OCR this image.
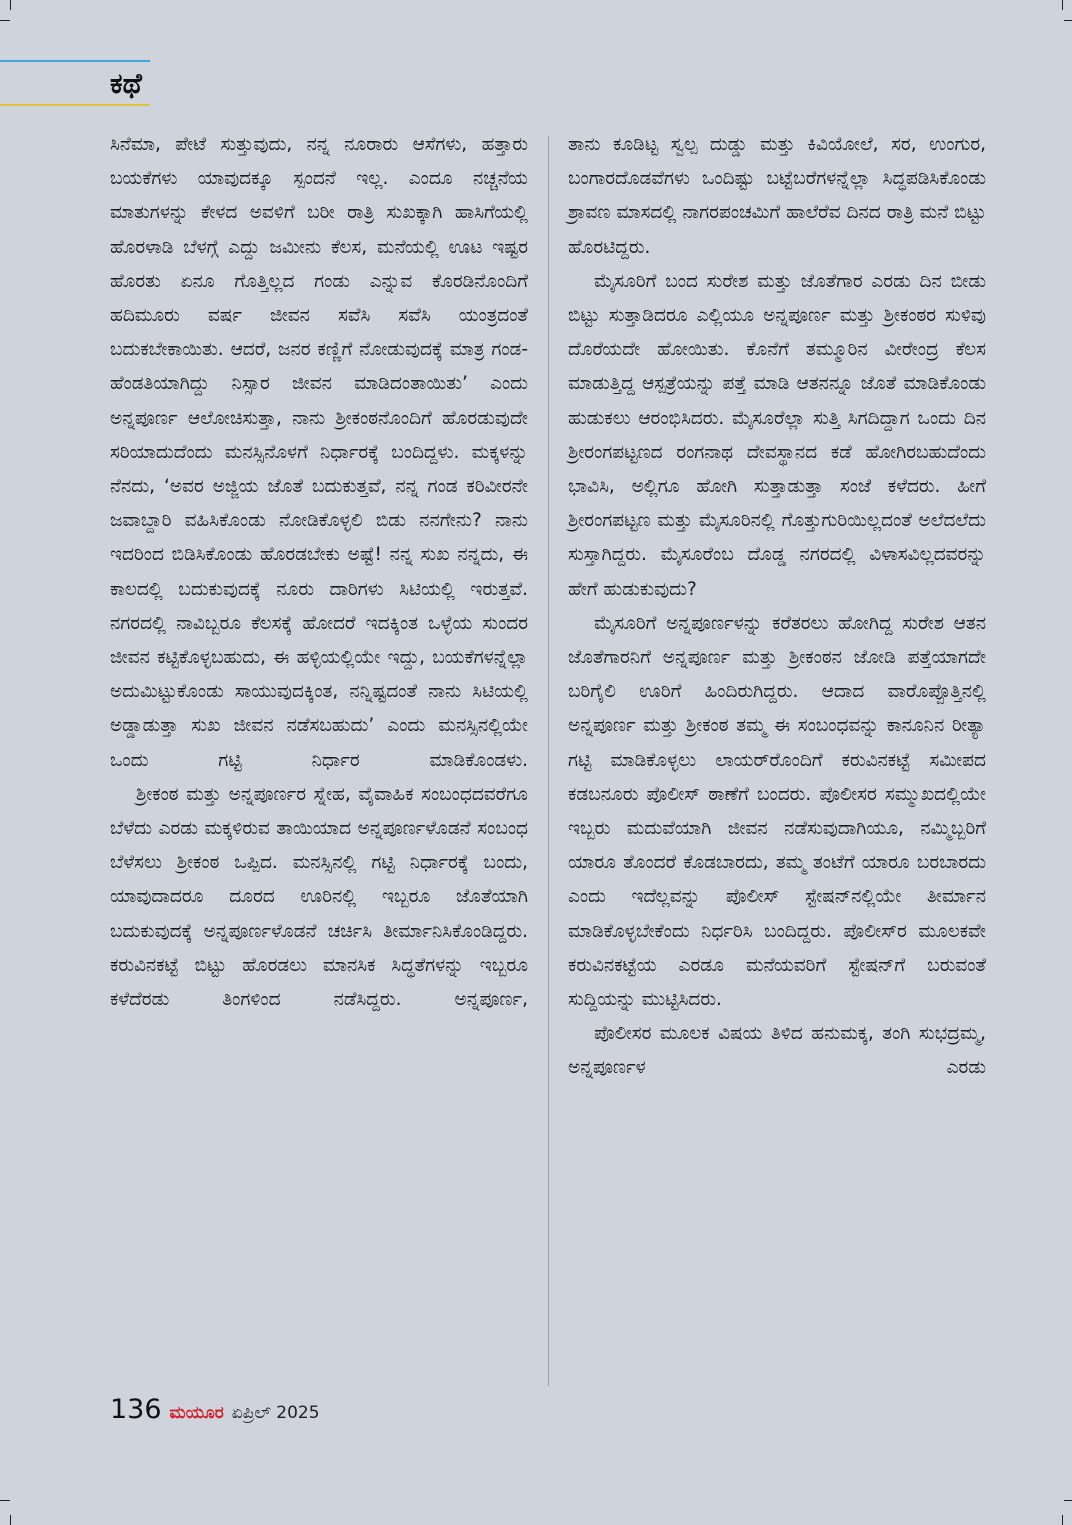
ಕಥೆ

ಸಿನೆಮಾ, ಪೇಟೆ ಸುತ್ತುವುದು, ನನ್ನ ನೂರಾರು ಆಸೆಗಳು, ಹತ್ತಾರು ಬಯಕೆಗಳು ಯಾವುದಕ್ಕೂ ಸ್ಪಂದನೆ ಇಲ್ಲ. ಎಂದೂ ನಚ್ಚನೆಯ ಮಾತುಗಳನ್ನು ಕೇಳದ ಅವಳಿಗೆ ಬರೀ ರಾತ್ರಿ ಸುಖಕ್ಕಾಗಿ ಹಾಸಿಗೆಯಲ್ಲಿ ಹೊರಳಾಡಿ ಬೆಳಗ್ಗೆ ಎದ್ದು ಜಮೀನು ಕೆಲಸ, ಮನೆಯಲ್ಲಿ ಊಟ ಇಷ್ಟರ ಹೊರತು ಏನೂ ಗೊತ್ತಿಲ್ಲದ ಗಂಡು ಎನ್ನುವ ಕೊರಡಿನೊಂದಿಗೆ ಹದಿಮೂರು ವರ್ಷ ಜೀವನ ಸವೆಸಿ ಸವೆಸಿ ಯಂತ್ರದಂತೆ ಬದುಕಬೇಕಾಯಿತು. ಆದರೆ, ಜನರ ಕಣ್ಣಿಗೆ ನೋಡುವುದಕ್ಕೆ ಮಾತ್ರ ಗಂಡ-ಹೆಂಡತಿಯಾಗಿದ್ದು ನಿಸ್ಸಾರ ಜೀವನ ಮಾಡಿದಂತಾಯಿತು’ ಎಂದು ಅನ್ನಪೂರ್ಣ ಆಲೋಚಿಸುತ್ತಾ, ನಾನು ಶ್ರೀಕಂಠನೊಂದಿಗೆ ಹೊರಡುವುದೇ ಸರಿಯಾದುದೆಂದು ಮನಸ್ಸಿನೊಳಗೆ ನಿರ್ಧಾರಕ್ಕೆ ಬಂದಿದ್ದಳು. ಮಕ್ಕಳನ್ನು ನೆನದು, ‘ಅವರ ಅಜ್ಜಿಯ ಜೊತೆ ಬದುಕುತ್ತವೆ, ನನ್ನ ಗಂಡ ಕರಿವೀರನೇ ಜವಾಬ್ದಾರಿ ವಹಿಸಿಕೊಂಡು ನೋಡಿಕೊಳ್ಳಲಿ ಬಿಡು ನನಗೇನು? ನಾನು ಇದರಿಂದ ಬಿಡಿಸಿಕೊಂಡು ಹೊರಡಬೇಕು ಅಷ್ಟೆ! ನನ್ನ ಸುಖ ನನ್ನದು, ಈ ಕಾಲದಲ್ಲಿ ಬದುಕುವುದಕ್ಕೆ ನೂರು ದಾರಿಗಳು ಸಿಟಿಯಲ್ಲಿ ಇರುತ್ತವೆ. ನಗರದಲ್ಲಿ ನಾವಿಬ್ಬರೂ ಕೆಲಸಕ್ಕೆ ಹೋದರೆ ಇದಕ್ಕಿಂತ ಒಳ್ಳೆಯ ಸುಂದರ ಜೀವನ ಕಟ್ಟಿಕೊಳ್ಳಬಹುದು, ಈ ಹಳ್ಳಿಯಲ್ಲಿಯೇ ಇದ್ದು, ಬಯಕೆಗಳನ್ನೆಲ್ಲಾ ಅದುಮಿಟ್ಟುಕೊಂಡು ಸಾಯುವುದಕ್ಕಿಂತ, ನನ್ನಿಷ್ಟದಂತೆ ನಾನು ಸಿಟಿಯಲ್ಲಿ ಅಡ್ಡಾಡುತ್ತಾ ಸುಖ ಜೀವನ ನಡೆಸಬಹುದು’ ಎಂದು ಮನಸ್ಸಿನಲ್ಲಿಯೇ ಒಂದು ಗಟ್ಟಿ ನಿರ್ಧಾರ ಮಾಡಿಕೊಂಡಳು.

ಶ್ರೀಕಂಠ ಮತ್ತು ಅನ್ನಪೂರ್ಣರ ಸ್ನೇಹ, ವೈವಾಹಿಕ ಸಂಬಂಧದವರೆಗೂ ಬೆಳೆದು ಎರಡು ಮಕ್ಕಳಿರುವ ತಾಯಿಯಾದ ಅನ್ನಪೂರ್ಣಳೊಡನೆ ಸಂಬಂಧ ಬೆಳೆಸಲು ಶ್ರೀಕಂಠ ಒಪ್ಪಿದ. ಮನಸ್ಸಿನಲ್ಲಿ ಗಟ್ಟಿ ನಿರ್ಧಾರಕ್ಕೆ ಬಂದು, ಯಾವುದಾದರೂ ದೂರದ ಊರಿನಲ್ಲಿ ಇಬ್ಬರೂ ಜೊತೆಯಾಗಿ ಬದುಕುವುದಕ್ಕೆ ಅನ್ನಪೂರ್ಣಳೊಡನೆ ಚರ್ಚಿಸಿ ತೀರ್ಮಾನಿಸಿಕೊಂಡಿದ್ದರು. ಕರುವಿನಕಟ್ಟೆ ಬಿಟ್ಟು ಹೊರಡಲು ಮಾನಸಿಕ ಸಿದ್ಧತೆಗಳನ್ನು ಇಬ್ಬರೂ ಕಳೆದೆರಡು ತಿಂಗಳಿಂದ ನಡೆಸಿದ್ದರು. ಅನ್ನಪೂರ್ಣ,

ತಾನು ಕೂಡಿಟ್ಟ ಸ್ವಲ್ಪ ದುಡ್ಡು ಮತ್ತು ಕಿವಿಯೋಲೆ, ಸರ, ಉಂಗುರ, ಬಂಗಾರದೊಡವೆಗಳು ಒಂದಿಷ್ಟು ಬಟ್ಟೆಬರೆಗಳನ್ನೆಲ್ಲಾ ಸಿದ್ಧಪಡಿಸಿಕೊಂಡು ಶ್ರಾವಣ ಮಾಸದಲ್ಲಿ ನಾಗರಪಂಚಮಿಗೆ ಹಾಲೆರೆವ ದಿನದ ರಾತ್ರಿ ಮನೆ ಬಿಟ್ಟು ಹೊರಟಿದ್ದರು.

ಮೈಸೂರಿಗೆ ಬಂದ ಸುರೇಶ ಮತ್ತು ಜೊತೆಗಾರ ಎರಡು ದಿನ ಬೀಡು ಬಿಟ್ಟು ಸುತ್ತಾಡಿದರೂ ಎಲ್ಲಿಯೂ ಅನ್ನಪೂರ್ಣ ಮತ್ತು ಶ್ರೀಕಂಠರ ಸುಳಿವು ದೊರೆಯದೇ ಹೋಯಿತು. ಕೊನೆಗೆ ತಮ್ಮೂರಿನ ವೀರೇಂದ್ರ ಕೆಲಸ ಮಾಡುತ್ತಿದ್ದ ಆಸ್ಪತ್ರೆಯನ್ನು ಪತ್ತೆ ಮಾಡಿ ಆತನನ್ನೂ ಜೊತೆ ಮಾಡಿಕೊಂಡು ಹುಡುಕಲು ಆರಂಭಿಸಿದರು. ಮೈಸೂರೆಲ್ಲಾ ಸುತ್ತಿ ಸಿಗದಿದ್ದಾಗ ಒಂದು ದಿನ ಶ್ರೀರಂಗಪಟ್ಟಣದ ರಂಗನಾಥ ದೇವಸ್ಥಾನದ ಕಡೆ ಹೋಗಿರಬಹುದೆಂದು ಭಾವಿಸಿ, ಅಲ್ಲಿಗೂ ಹೋಗಿ ಸುತ್ತಾಡುತ್ತಾ ಸಂಜೆ ಕಳೆದರು. ಹೀಗೆ ಶ್ರೀರಂಗಪಟ್ಟಣ ಮತ್ತು ಮೈಸೂರಿನಲ್ಲಿ ಗೊತ್ತುಗುರಿಯಿಲ್ಲದಂತೆ ಅಲೆದಲೆದು ಸುಸ್ತಾಗಿದ್ದರು. ಮೈಸೂರೆಂಬ ದೊಡ್ಡ ನಗರದಲ್ಲಿ ವಿಳಾಸವಿಲ್ಲದವರನ್ನು ಹೇಗೆ ಹುಡುಕುವುದು?

ಮೈಸೂರಿಗೆ ಅನ್ನಪೂರ್ಣಳನ್ನು ಕರೆತರಲು ಹೋಗಿದ್ದ ಸುರೇಶ ಆತನ ಜೊತೆಗಾರನಿಗೆ ಅನ್ನಪೂರ್ಣ ಮತ್ತು ಶ್ರೀಕಂಠನ ಜೋಡಿ ಪತ್ತೆಯಾಗದೇ ಬರಿಗೈಲಿ ಊರಿಗೆ ಹಿಂದಿರುಗಿದ್ದರು. ಆದಾದ ವಾರೊಪ್ಪೊತ್ತಿನಲ್ಲಿ ಅನ್ನಪೂರ್ಣ ಮತ್ತು ಶ್ರೀಕಂಠ ತಮ್ಮ ಈ ಸಂಬಂಧವನ್ನು ಕಾನೂನಿನ ರೀತ್ಯಾ ಗಟ್ಟಿ ಮಾಡಿಕೊಳ್ಳಲು ಲಾಯರ್‌ರೊಂದಿಗೆ ಕರುವಿನಕಟ್ಟೆ ಸಮೀಪದ ಕಡಬನೂರು ಪೊಲೀಸ್ ಠಾಣೆಗೆ ಬಂದರು. ಪೊಲೀಸರ ಸಮ್ಮುಖದಲ್ಲಿಯೇ ಇಬ್ಬರು ಮದುವೆಯಾಗಿ ಜೀವನ ನಡೆಸುವುದಾಗಿಯೂ, ನಮ್ಮಿಬ್ಬರಿಗೆ ಯಾರೂ ತೊಂದರೆ ಕೊಡಬಾರದು, ತಮ್ಮ ತಂಟೆಗೆ ಯಾರೂ ಬರಬಾರದು ಎಂದು ಇದೆಲ್ಲವನ್ನು ಪೊಲೀಸ್ ಸ್ಟೇಷನ್‌ನಲ್ಲಿಯೇ ತೀರ್ಮಾನ ಮಾಡಿಕೊಳ್ಳಬೇಕೆಂದು ನಿರ್ಧರಿಸಿ ಬಂದಿದ್ದರು. ಪೊಲೀಸ್‌ರ ಮೂಲಕವೇ ಕರುವಿನಕಟ್ಟೆಯ ಎರಡೂ ಮನೆಯವರಿಗೆ ಸ್ಟೇಷನ್‌ಗೆ ಬರುವಂತೆ ಸುದ್ದಿಯನ್ನು ಮುಟ್ಟಿಸಿದರು.

ಪೊಲೀಸರ ಮೂಲಕ ವಿಷಯ ತಿಳಿದ ಹನುಮಕ್ಕ, ತಂಗಿ ಸುಭದ್ರಮ್ಮ, ಅನ್ನಪೂರ್ಣಳ ಎರಡು

136 ಮಯೂರ ಏಪ್ರಿಲ್ 2025
